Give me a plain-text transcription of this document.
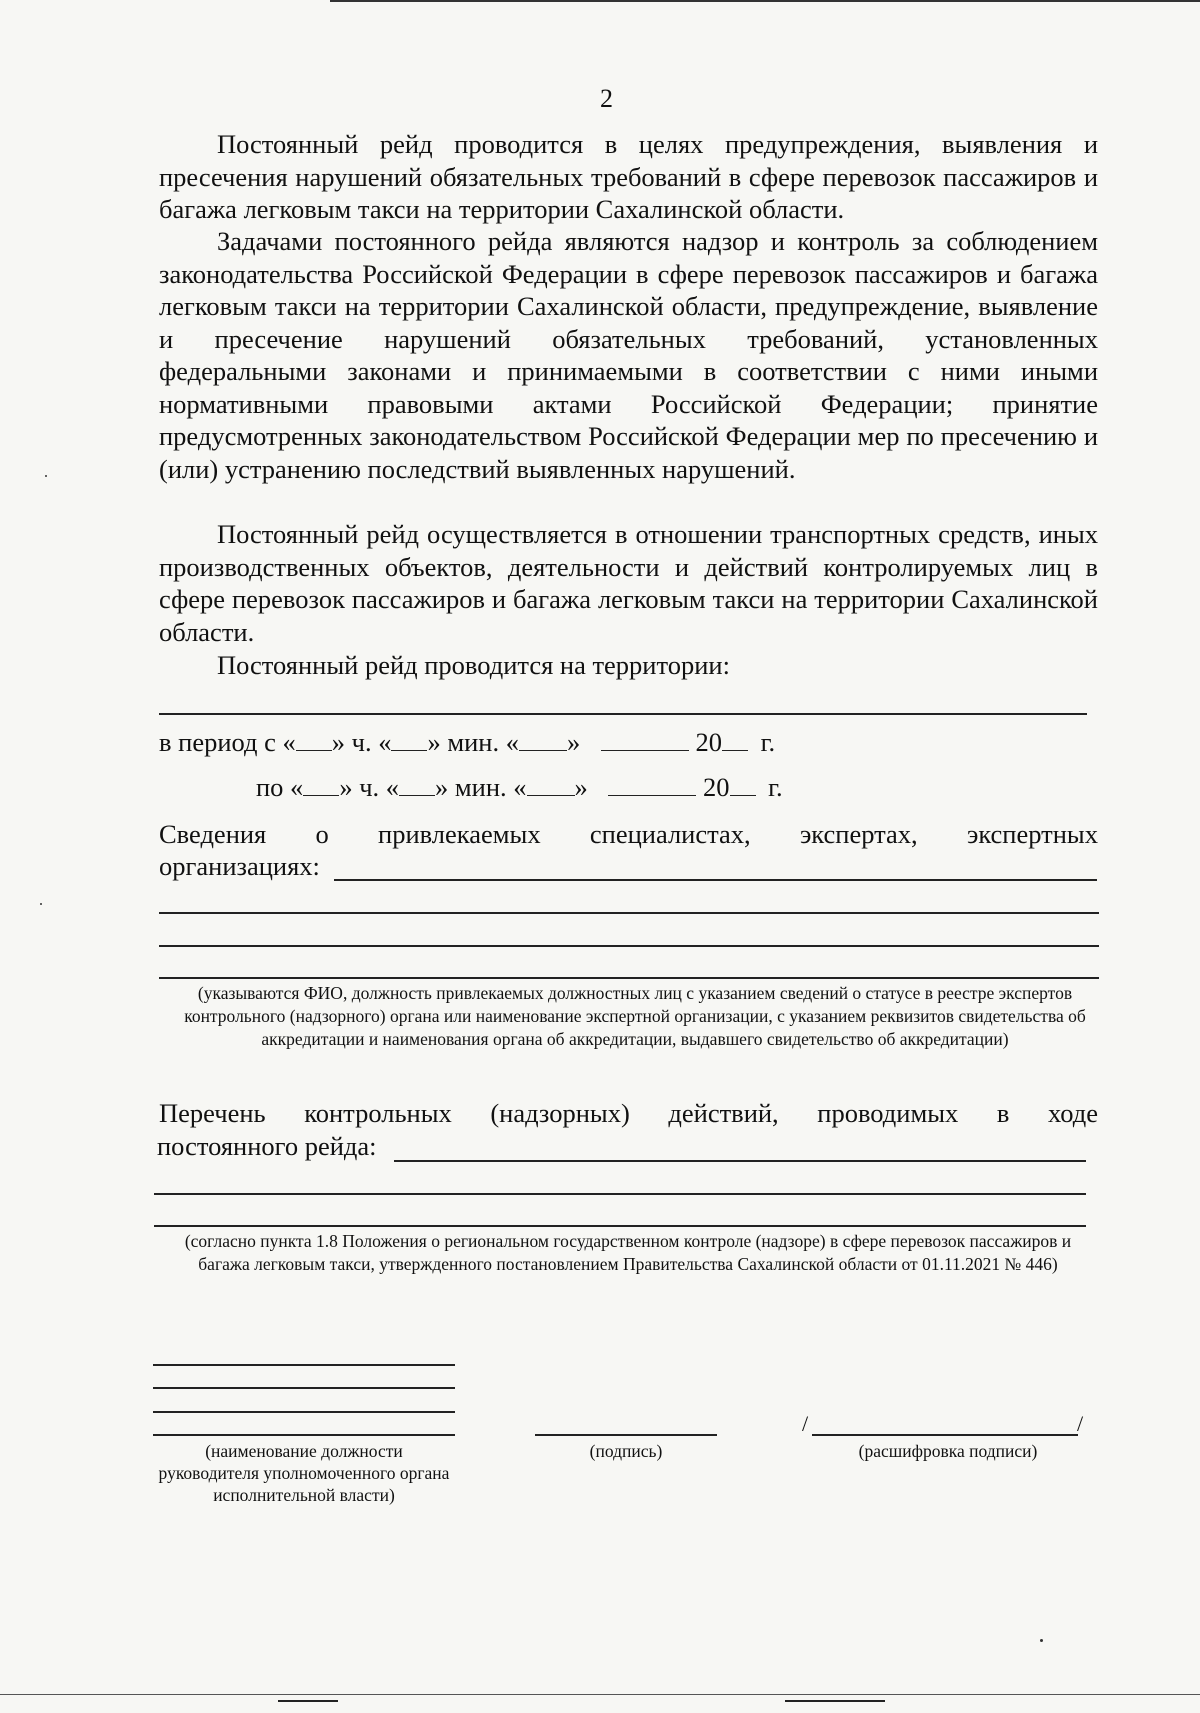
2

Постоянный рейд проводится в целях предупреждения, выявления и пресечения нарушений обязательных требований в сфере перевозок пассажиров и багажа легковым такси на территории Сахалинской области.

Задачами постоянного рейда являются надзор и контроль за соблюдением законодательства Российской Федерации в сфере перевозок пассажиров и багажа легковым такси на территории Сахалинской области, предупреждение, выявление и пресечение нарушений обязательных требований, установленных федеральными законами и принимаемыми в соответствии с ними иными нормативными правовыми актами Российской Федерации; принятие предусмотренных законодательством Российской Федерации мер по пресечению и (или) устранению последствий выявленных нарушений.

Постоянный рейд осуществляется в отношении транспортных средств, иных производственных объектов, деятельности и действий контролируемых лиц в сфере перевозок пассажиров и багажа легковым такси на территории Сахалинской области.

Постоянный рейд проводится на территории:

в период с « » ч. « » мин. « »	20 г.
по « » ч. « » мин. « »	20 г.
Сведения о привлекаемых специалистах, экспертах, экспертных
организациях:

(указываются ФИО, должность привлекаемых должностных лиц с указанием сведений о статусе в реестре экспертов контрольного (надзорного) органа или наименование экспертной организации, с указанием реквизитов свидетельства об аккредитации и наименования органа об аккредитации, выдавшего свидетельство об аккредитации)

Перечень контрольных (надзорных) действий, проводимых в ходе
постоянного рейда:

(согласно пункта 1.8 Положения о региональном государственном контроле (надзоре) в сфере перевозок пассажиров и багажа легковым такси, утвержденного постановлением Правительства Сахалинской области от 01.11.2021 № 446)

(наименование должности руководителя уполномоченного органа исполнительной власти)
(подпись)
/	/
(расшифровка подписи)
